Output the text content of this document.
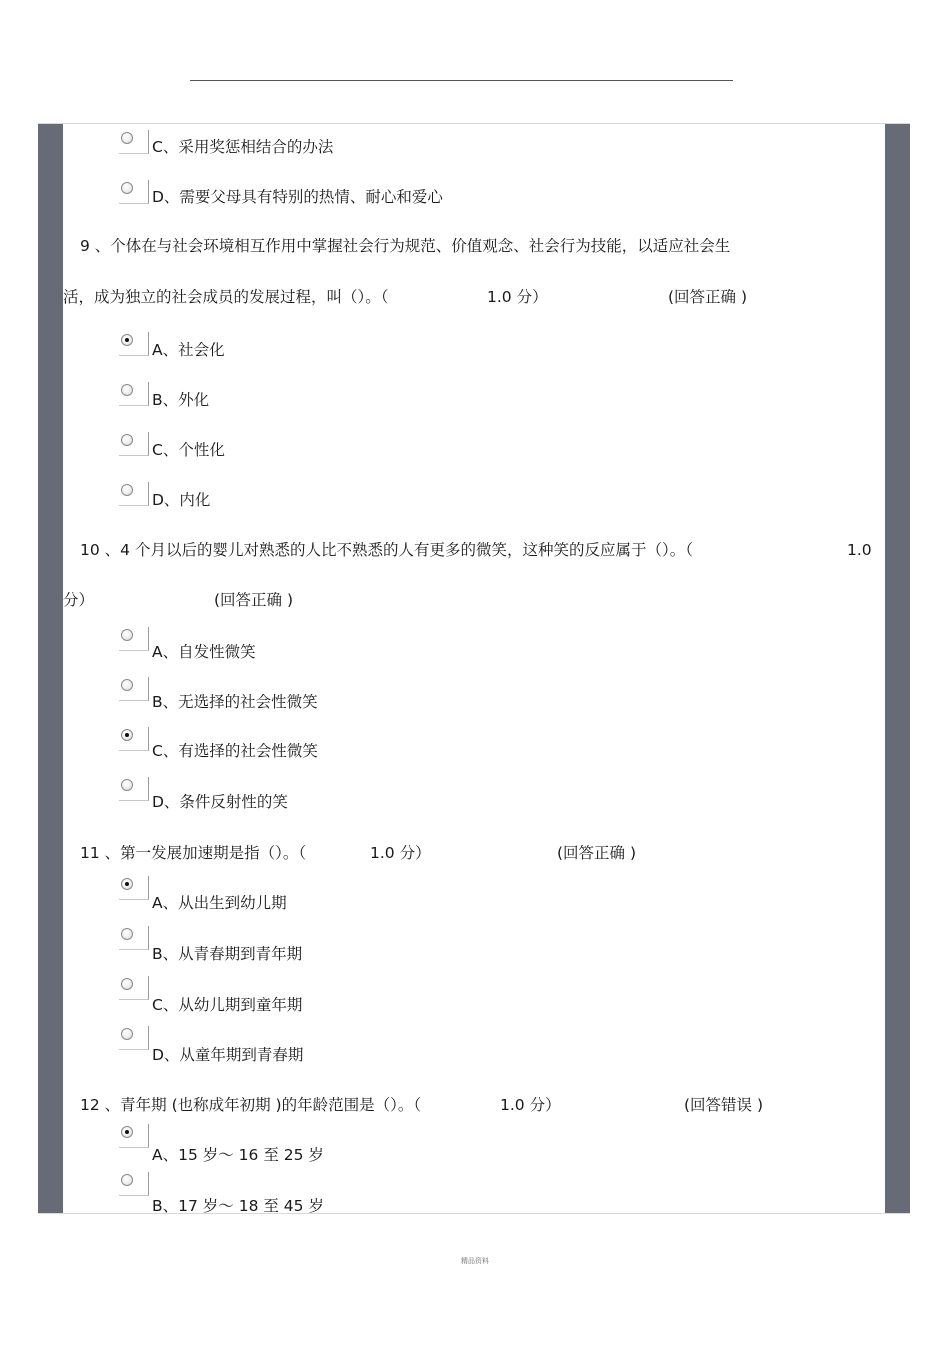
C、采用奖惩相结合的办法
D、需要父母具有特别的热情、耐心和爱心
9 、个体在与社会环境相互作用中掌握社会行为规范、价值观念、社会行为技能，以适应社会生
活，成为独立的社会成员的发展过程，叫（）。（	1.0 分）	(回答正确 )
A、社会化
B、外化
C、个性化
D、内化
10 、4 个月以后的婴儿对熟悉的人比不熟悉的人有更多的微笑，这种笑的反应属于（）。（	1.0
分）	(回答正确 )
A、自发性微笑
B、无选择的社会性微笑
C、有选择的社会性微笑
D、条件反射性的笑
11 、第一发展加速期是指（）。（	1.0 分）	(回答正确 )
A、从出生到幼儿期
B、从青春期到青年期
C、从幼儿期到童年期
D、从童年期到青春期
12 、青年期 (也称成年初期 )的年龄范围是（）。（	1.0 分）	(回答错误 )
A、15 岁～ 16 至 25 岁
B、17 岁～ 18 至 45 岁
精品资料
